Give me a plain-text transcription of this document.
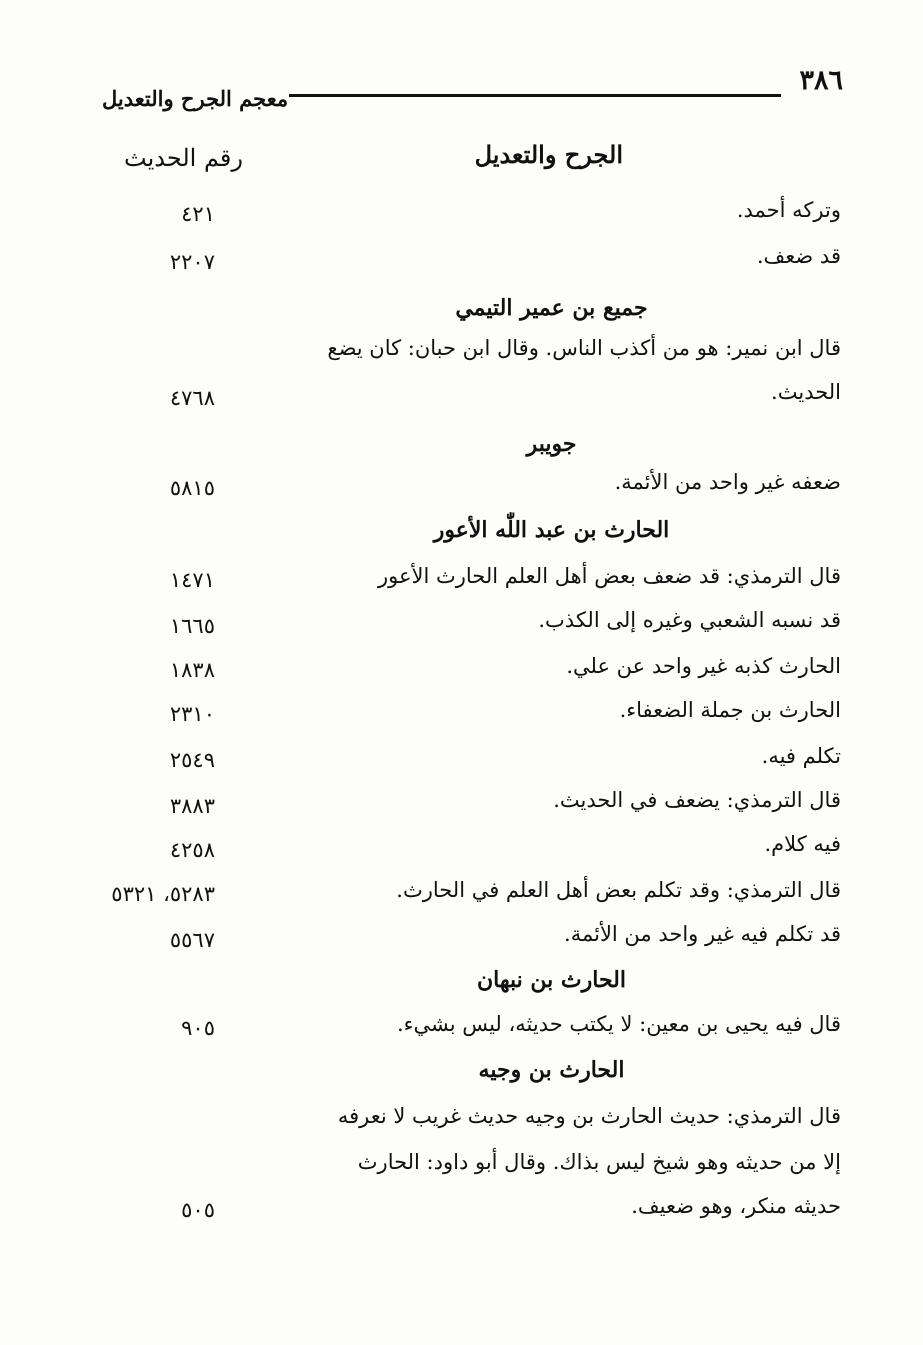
٣٨٦
معجم الجرح والتعديل
الجرح والتعديل
رقم الحديث
وتركه أحمد.
٤٢١
قد ضعف.
٢٢٠٧
جميع بن عمير التيمي
قال ابن نمير: هو من أكذب الناس. وقال ابن حبان: كان يضع
الحديث.
٤٧٦٨
جويبر
ضعفه غير واحد من الأئمة.
٥٨١٥
الحارث بن عبد اللّٰه الأعور
قال الترمذي: قد ضعف بعض أهل العلم الحارث الأعور
١٤٧١
قد نسبه الشعبي وغيره إلى الكذب.
١٦٦٥
الحارث كذبه غير واحد عن علي.
١٨٣٨
الحارث بن جملة الضعفاء.
٢٣١٠
تكلم فيه.
٢٥٤٩
قال الترمذي: يضعف في الحديث.
٣٨٨٣
فيه كلام.
٤٢٥٨
قال الترمذي: وقد تكلم بعض أهل العلم في الحارث.
٥٢٨٣، ٥٣٢١
قد تكلم فيه غير واحد من الأئمة.
٥٥٦٧
الحارث بن نبهان
قال فيه يحيى بن معين: لا يكتب حديثه، ليس بشيء.
٩٠٥
الحارث بن وجيه
قال الترمذي: حديث الحارث بن وجيه حديث غريب لا نعرفه
إلا من حديثه وهو شيخ ليس بذاك. وقال أبو داود: الحارث
حديثه منكر، وهو ضعيف.
٥٠٥
